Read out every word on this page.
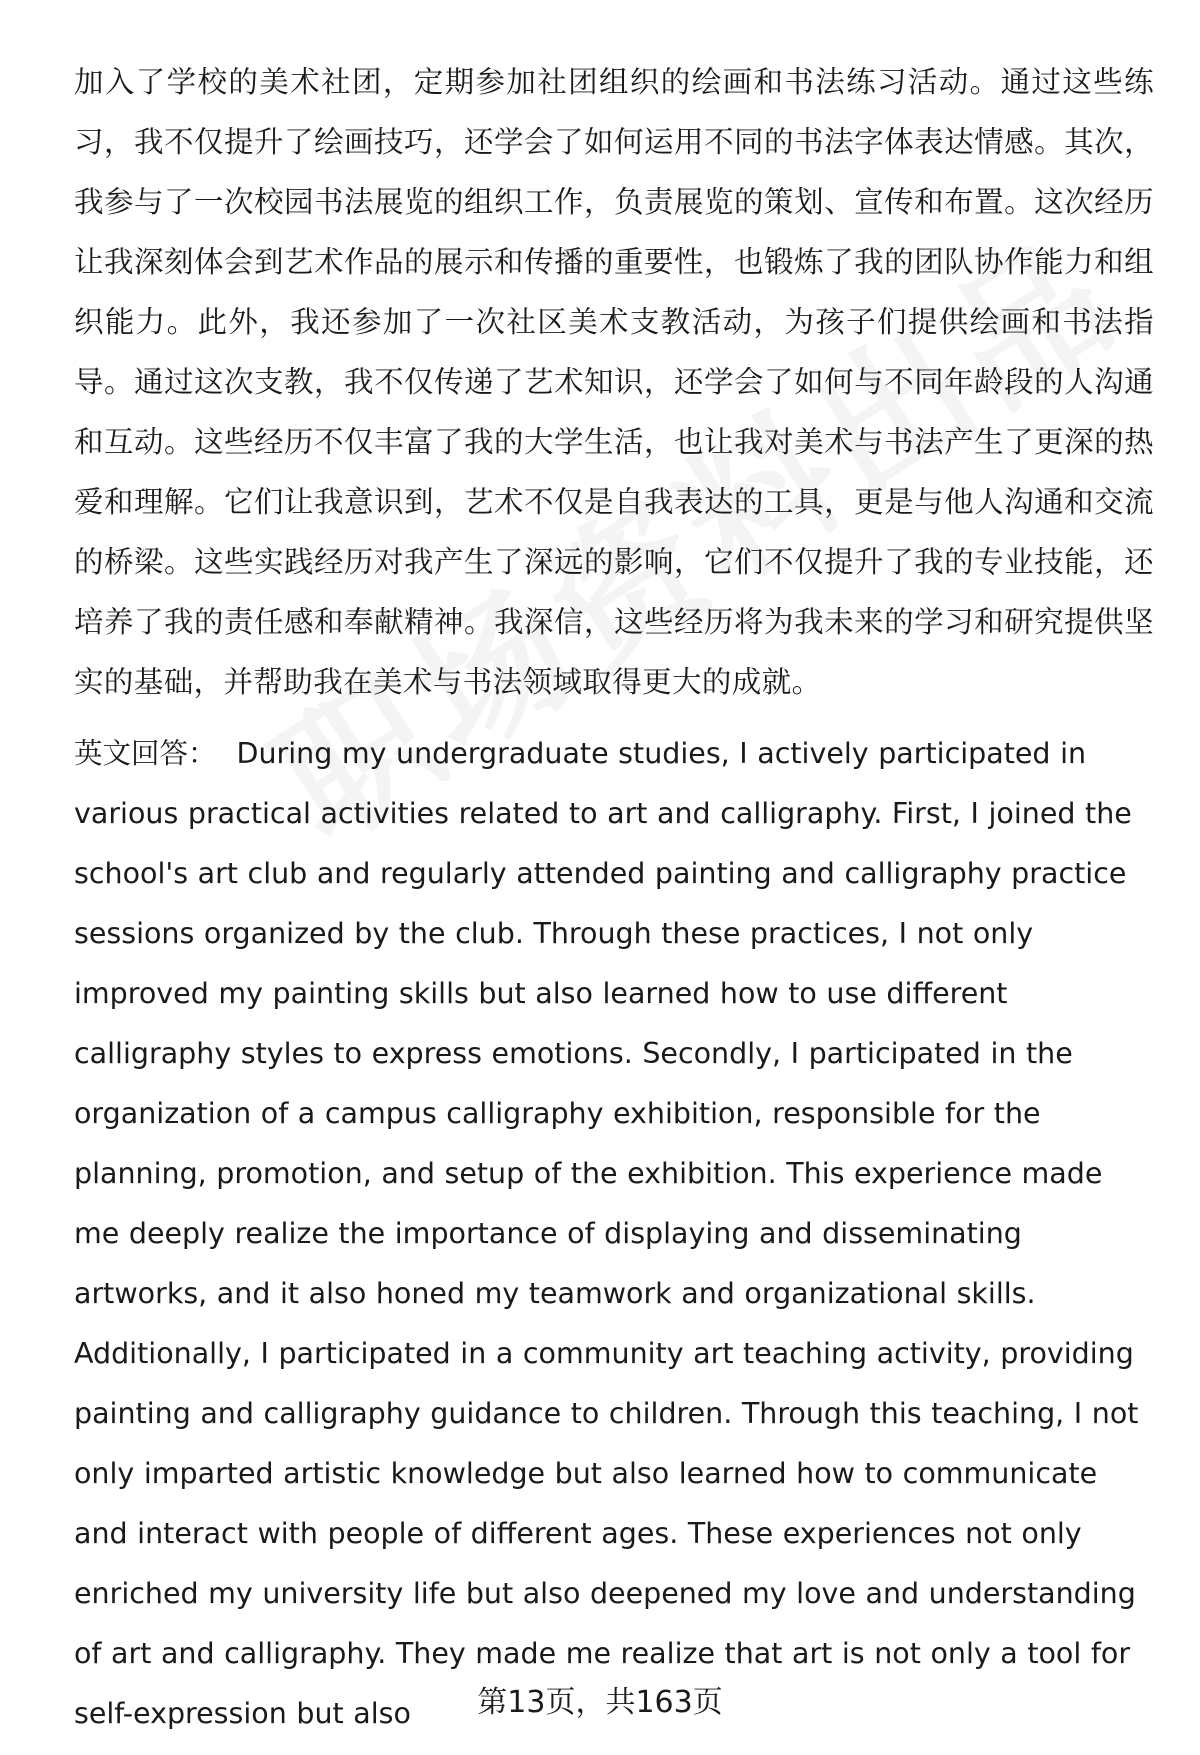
加入了学校的美术社团，定期参加社团组织的绘画和书法练习活动。通过这些练习，我不仅提升了绘画技巧，还学会了如何运用不同的书法字体表达情感。其次，我参与了一次校园书法展览的组织工作，负责展览的策划、宣传和布置。这次经历让我深刻体会到艺术作品的展示和传播的重要性，也锻炼了我的团队协作能力和组织能力。此外，我还参加了一次社区美术支教活动，为孩子们提供绘画和书法指导。通过这次支教，我不仅传递了艺术知识，还学会了如何与不同年龄段的人沟通和互动。这些经历不仅丰富了我的大学生活，也让我对美术与书法产生了更深的热爱和理解。它们让我意识到，艺术不仅是自我表达的工具，更是与他人沟通和交流的桥梁。这些实践经历对我产生了深远的影响，它们不仅提升了我的专业技能，还培养了我的责任感和奉献精神。我深信，这些经历将为我未来的学习和研究提供坚实的基础，并帮助我在美术与书法领域取得更大的成就。

英文回答： During my undergraduate studies, I actively participated in various practical activities related to art and calligraphy. First, I joined the school's art club and regularly attended painting and calligraphy practice sessions organized by the club. Through these practices, I not only improved my painting skills but also learned how to use different calligraphy styles to express emotions. Secondly, I participated in the organization of a campus calligraphy exhibition, responsible for the planning, promotion, and setup of the exhibition. This experience made me deeply realize the importance of displaying and disseminating artworks, and it also honed my teamwork and organizational skills. Additionally, I participated in a community art teaching activity, providing painting and calligraphy guidance to children. Through this teaching, I not only imparted artistic knowledge but also learned how to communicate and interact with people of different ages. These experiences not only enriched my university life but also deepened my love and understanding of art and calligraphy. They made me realize that art is not only a tool for self-expression but also	第13页，共163页
